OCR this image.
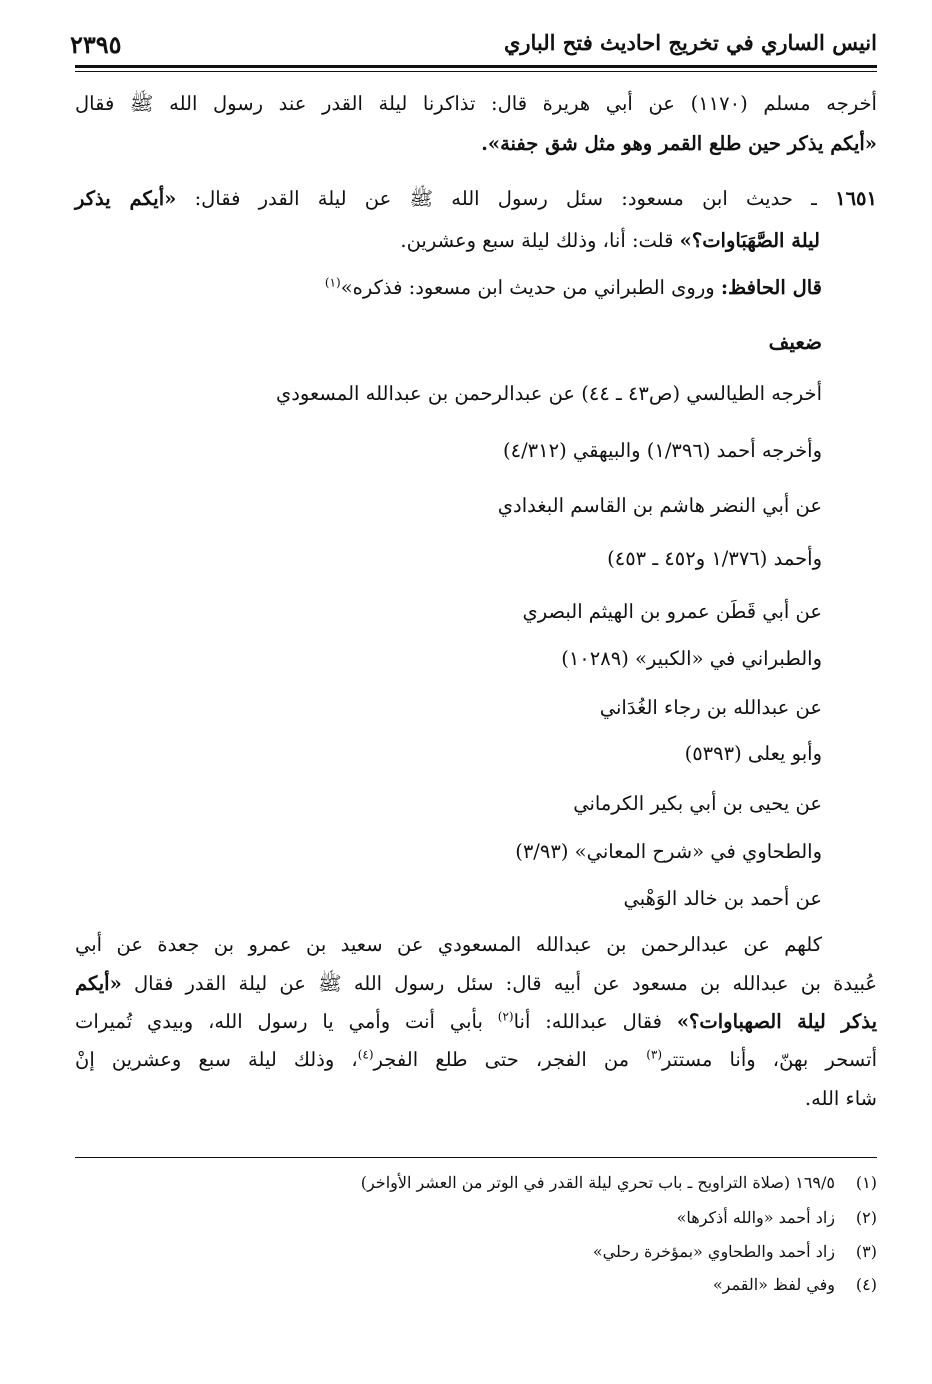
انيس الساري في تخريج احاديث فتح الباري
٢٣٩٥
أخرجه مسلم (١١٧٠) عن أبي هريرة قال: تذاكرنا ليلة القدر عند رسول الله ﷺ فقال
«أيكم يذكر حين طلع القمر وهو مثل شق جفنة».
١٦٥١ ـ حديث ابن مسعود: سئل رسول الله ﷺ عن ليلة القدر فقال: «أيكم يذكر
ليلة الصَّهَبَاوات؟» قلت: أنا، وذلك ليلة سبع وعشرين.
قال الحافظ: وروى الطبراني من حديث ابن مسعود: فذكره»$^{(١)}$
ضعيف
أخرجه الطيالسي (ص٤٣ ـ ٤٤) عن عبدالرحمن بن عبدالله المسعودي
وأخرجه أحمد (١/٣٩٦) والبيهقي (٤/٣١٢)
عن أبي النضر هاشم بن القاسم البغدادي
وأحمد (١/٣٧٦ و٤٥٢ ـ ٤٥٣)
عن أبي قَطَن عمرو بن الهيثم البصري
والطبراني في «الكبير» (١٠٢٨٩)
عن عبدالله بن رجاء الغُدَاني
وأبو يعلى (٥٣٩٣)
عن يحيى بن أبي بكير الكرماني
والطحاوي في «شرح المعاني» (٣/٩٣)
عن أحمد بن خالد الوَهْبي
كلهم عن عبدالرحمن بن عبدالله المسعودي عن سعيد بن عمرو بن جعدة عن أبي
عُبيدة بن عبدالله بن مسعود عن أبيه قال: سئل رسول الله ﷺ عن ليلة القدر فقال «أيكم
يذكر ليلة الصهباوات؟» فقال عبدالله: أنا$^{(٢)}$ بأبي أنت وأمي يا رسول الله، وبيدي تُميرات
أتسحر بهنّ، وأنا مستتر$^{(٣)}$ من الفجر، حتى طلع الفجر$^{(٤)}$، وذلك ليلة سبع وعشرين إنْ
شاء الله.
(١)١٦٩/٥ (صلاة التراويح ـ باب تحري ليلة القدر في الوتر من العشر الأواخر)
(٢)زاد أحمد «والله أذكرها»
(٣)زاد أحمد والطحاوي «بمؤخرة رحلي»
(٤)وفي لفظ «القمر»
